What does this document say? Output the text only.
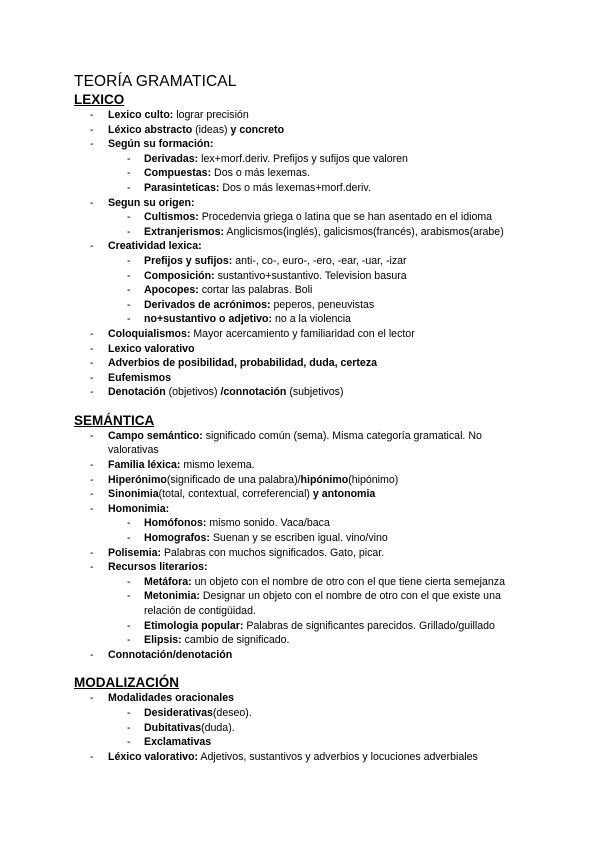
TEORÍA GRAMATICAL
LEXICO
- Lexico culto: lograr precisión
- Léxico abstracto (ideas) y concreto
- Según su formación:
- Derivadas: lex+morf.deriv. Prefijos y sufijos que valoren
- Compuestas: Dos o más lexemas.
- Parasinteticas: Dos o más lexemas+morf.deriv.
- Segun su origen:
- Cultismos: Procedenvia griega o latina que se han asentado en el idioma
- Extranjerismos: Anglicismos(inglés), galicismos(francés), arabismos(arabe)
- Creatividad lexica:
- Prefijos y sufijos: anti-, co-, euro-, -ero, -ear, -uar, -izar
- Composición: sustantivo+sustantivo. Television basura
- Apocopes: cortar las palabras. Boli
- Derivados de acrónimos: peperos, peneuvistas
- no+sustantivo o adjetivo: no a la violencia
- Coloquialismos: Mayor acercamiento y familiaridad con el lector
- Lexico valorativo
- Adverbios de posibilidad, probabilidad, duda, certeza
- Eufemismos
- Denotación (objetivos) /connotación (subjetivos)
SEMÁNTICA
- Campo semántico: significado común (sema). Misma categoría gramatical. No
valorativas
- Familia léxica: mismo lexema.
- Hiperónimo(significado de una palabra)/hipónimo(hipónimo)
- Sinonimia(total, contextual, correferencial) y antonomia
- Homonimia:
- Homófonos: mismo sonido. Vaca/baca
- Homografos: Suenan y se escriben igual. vino/vino
- Polisemia: Palabras con muchos significados. Gato, picar.
- Recursos literarios:
- Metáfora: un objeto con el nombre de otro con el que tiene cierta semejanza
- Metonimia: Designar un objeto con el nombre de otro con el que existe una
relación de contigüidad.
- Etimologia popular: Palabras de significantes parecidos. Grillado/guillado
- Elipsis: cambio de significado.
- Connotación/denotación
MODALIZACIÓN
- Modalidades oracionales
- Desiderativas(deseo).
- Dubitativas(duda).
- Exclamativas
- Léxico valorativo: Adjetivos, sustantivos y adverbios y locuciones adverbiales
